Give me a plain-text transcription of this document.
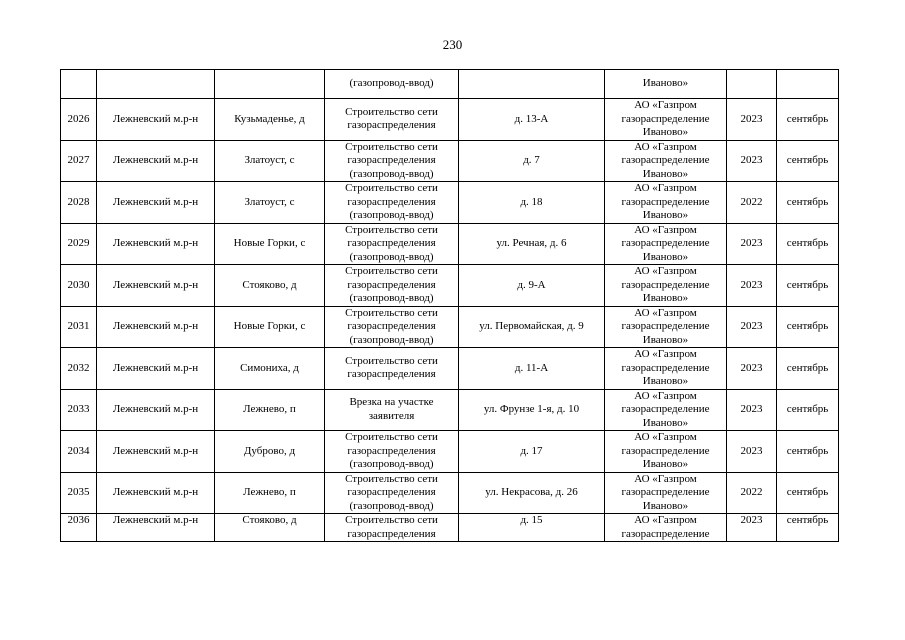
230
			(газопровод-ввод)		Иваново»		
2026	Лежневский м.р-н	Кузьмаденье, д	Строительство сети
газораспределения	д. 13-А	АО «Газпром
газораспределение
Иваново»	2023	сентябрь
2027	Лежневский м.р-н	Златоуст, с	Строительство сети
газораспределения
(газопровод-ввод)	д. 7	АО «Газпром
газораспределение
Иваново»	2023	сентябрь
2028	Лежневский м.р-н	Златоуст, с	Строительство сети
газораспределения
(газопровод-ввод)	д. 18	АО «Газпром
газораспределение
Иваново»	2022	сентябрь
2029	Лежневский м.р-н	Новые Горки, с	Строительство сети
газораспределения
(газопровод-ввод)	ул. Речная, д. 6	АО «Газпром
газораспределение
Иваново»	2023	сентябрь
2030	Лежневский м.р-н	Стояково, д	Строительство сети
газораспределения
(газопровод-ввод)	д. 9-А	АО «Газпром
газораспределение
Иваново»	2023	сентябрь
2031	Лежневский м.р-н	Новые Горки, с	Строительство сети
газораспределения
(газопровод-ввод)	ул. Первомайская, д. 9	АО «Газпром
газораспределение
Иваново»	2023	сентябрь
2032	Лежневский м.р-н	Симониха, д	Строительство сети
газораспределения	д. 11-А	АО «Газпром
газораспределение
Иваново»	2023	сентябрь
2033	Лежневский м.р-н	Лежнево, п	Врезка на участке
заявителя	ул. Фрунзе 1-я, д. 10	АО «Газпром
газораспределение
Иваново»	2023	сентябрь
2034	Лежневский м.р-н	Дуброво, д	Строительство сети
газораспределения
(газопровод-ввод)	д. 17	АО «Газпром
газораспределение
Иваново»	2023	сентябрь
2035	Лежневский м.р-н	Лежнево, п	Строительство сети
газораспределения
(газопровод-ввод)	ул. Некрасова, д. 26	АО «Газпром
газораспределение
Иваново»	2022	сентябрь
2036	Лежневский м.р-н	Стояково, д	Строительство сети
газораспределения	д. 15	АО «Газпром
газораспределение	2023	сентябрь
